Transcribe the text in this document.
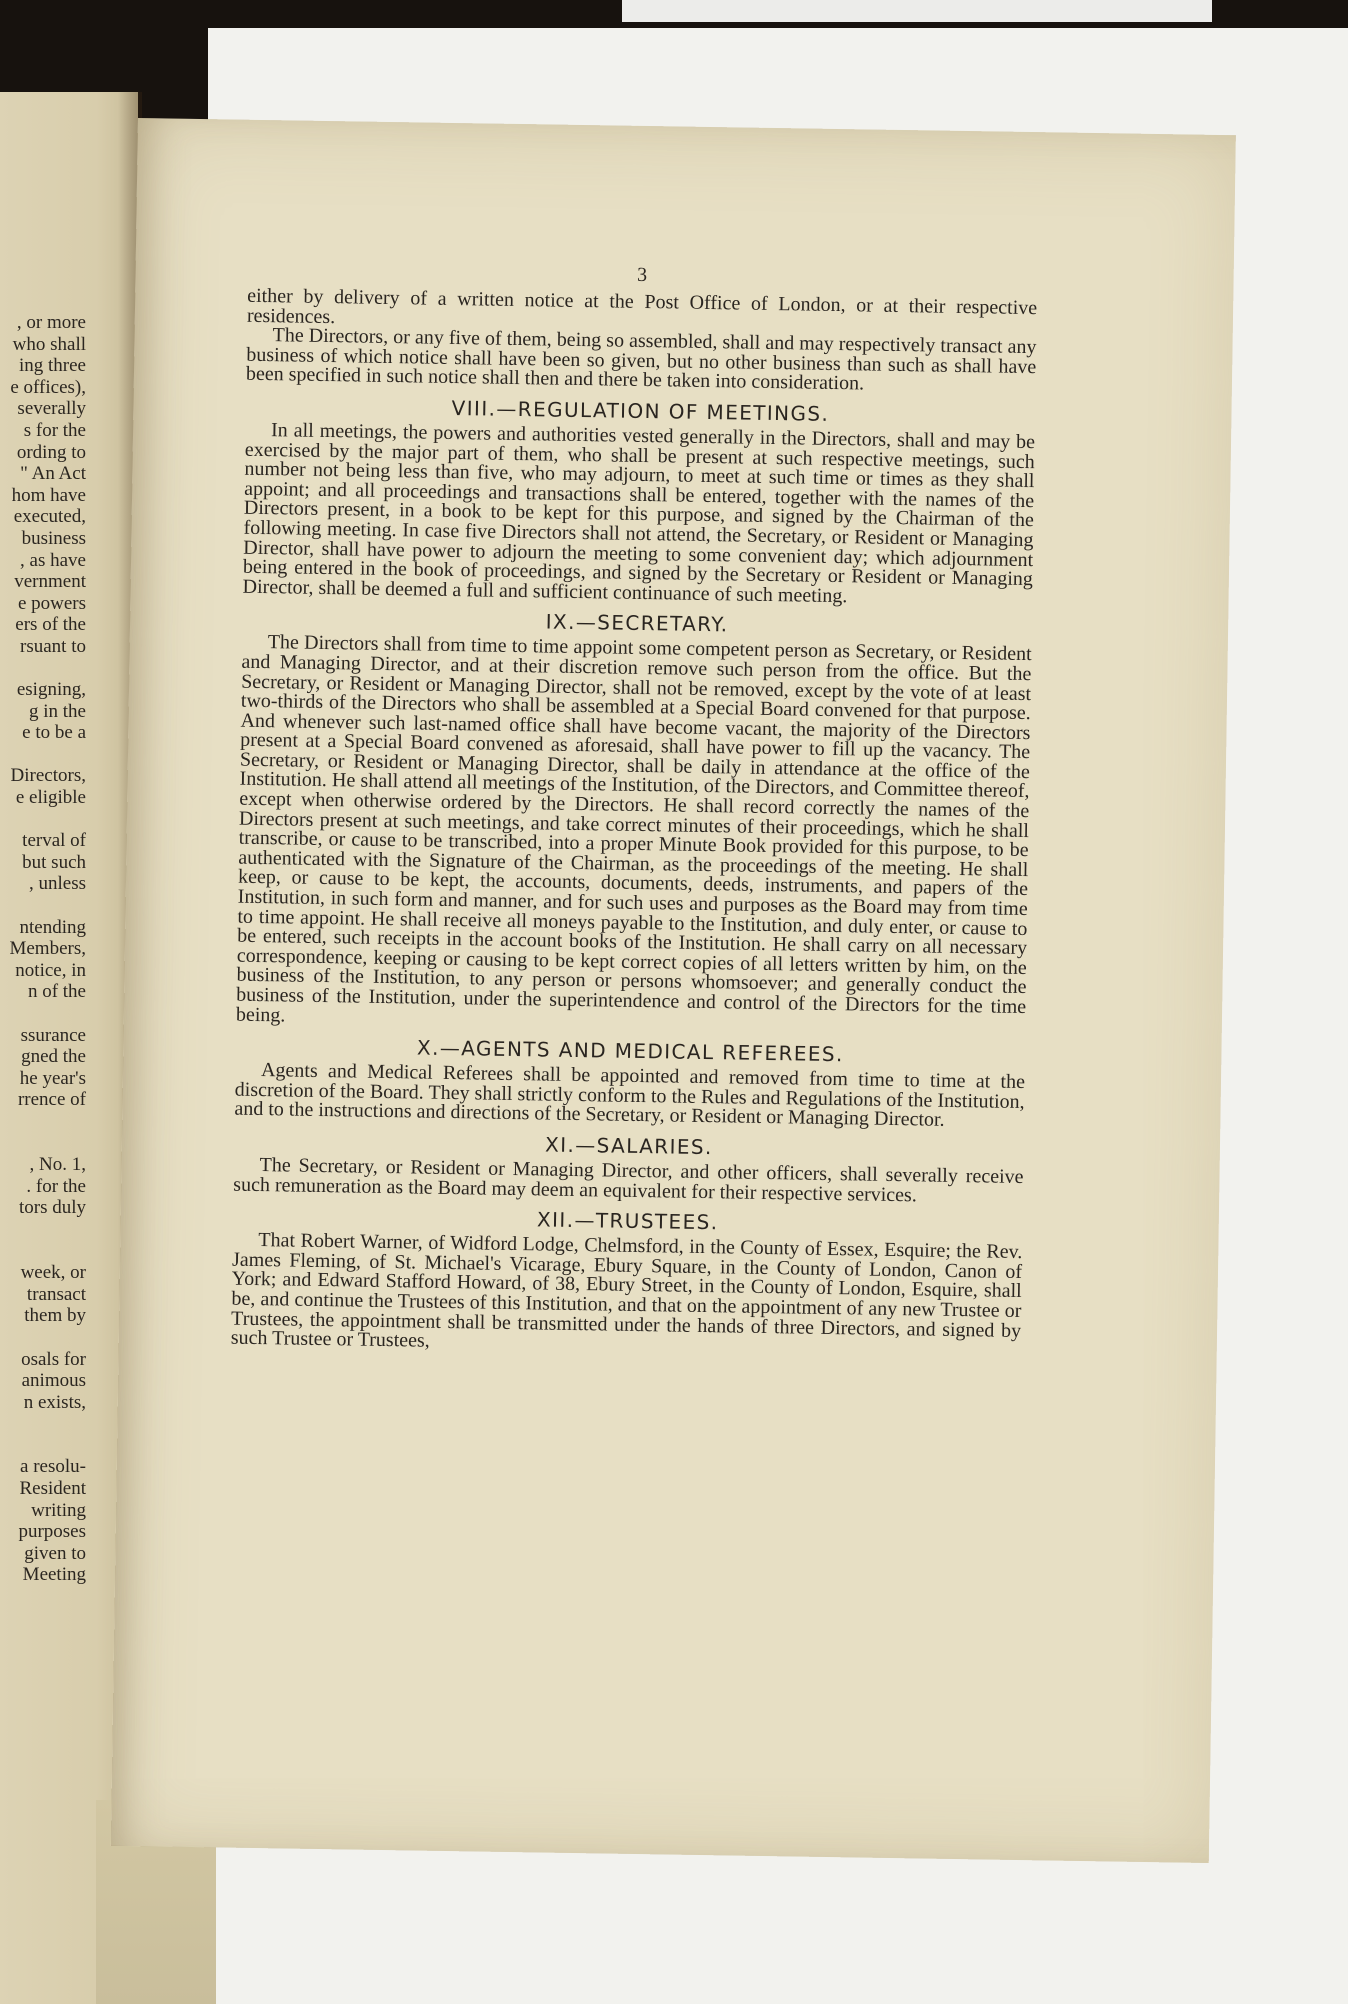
, or more
who shall
ing three
e offices),
severally
s for the
ording to
" An Act
hom have
executed,
business
, as have
vernment
e powers
ers of the
rsuant to
esigning,
g in the
e to be a
Directors,
e eligible
terval of
but such
, unless
ntending
Members,
notice, in
n of the
ssurance
gned the
he year's
rrence of
, No. 1,
. for the
tors duly
week, or
transact
them by
osals for
animous
n exists,
a resolu-
Resident
writing
purposes
given to
Meeting
3

either by delivery of a written notice at the Post Office of London, or at their respective residences.

The Directors, or any five of them, being so assembled, shall and may respectively transact any business of which notice shall have been so given, but no other business than such as shall have been specified in such notice shall then and there be taken into consideration.

VIII.—REGULATION OF MEETINGS.

In all meetings, the powers and authorities vested generally in the Directors, shall and may be exercised by the major part of them, who shall be present at such respective meetings, such number not being less than five, who may adjourn, to meet at such time or times as they shall appoint; and all proceedings and transactions shall be entered, together with the names of the Directors present, in a book to be kept for this purpose, and signed by the Chairman of the following meeting. In case five Directors shall not attend, the Secretary, or Resident or Managing Director, shall have power to adjourn the meeting to some convenient day; which adjournment being entered in the book of proceedings, and signed by the Secretary or Resident or Managing Director, shall be deemed a full and sufficient continuance of such meeting.

IX.—SECRETARY.

The Directors shall from time to time appoint some competent person as Secretary, or Resident and Managing Director, and at their discretion remove such person from the office. But the Secretary, or Resident or Managing Director, shall not be removed, except by the vote of at least two-thirds of the Directors who shall be assembled at a Special Board convened for that purpose. And whenever such last-named office shall have become vacant, the majority of the Directors present at a Special Board convened as aforesaid, shall have power to fill up the vacancy. The Secretary, or Resident or Managing Director, shall be daily in attendance at the office of the Institution. He shall attend all meetings of the Institution, of the Directors, and Committee thereof, except when otherwise ordered by the Directors. He shall record correctly the names of the Directors present at such meetings, and take correct minutes of their proceedings, which he shall transcribe, or cause to be transcribed, into a proper Minute Book provided for this purpose, to be authenticated with the Signature of the Chairman, as the proceedings of the meeting. He shall keep, or cause to be kept, the accounts, documents, deeds, instruments, and papers of the Institution, in such form and manner, and for such uses and purposes as the Board may from time to time appoint. He shall receive all moneys payable to the Institution, and duly enter, or cause to be entered, such receipts in the account books of the Institution. He shall carry on all necessary correspondence, keeping or causing to be kept correct copies of all letters written by him, on the business of the Institution, to any person or persons whomsoever; and generally conduct the business of the Institution, under the superintendence and control of the Directors for the time being.

X.—AGENTS AND MEDICAL REFEREES.

Agents and Medical Referees shall be appointed and removed from time to time at the discretion of the Board. They shall strictly conform to the Rules and Regulations of the Institution, and to the instructions and directions of the Secretary, or Resident or Managing Director.

XI.—SALARIES.

The Secretary, or Resident or Managing Director, and other officers, shall severally receive such remuneration as the Board may deem an equivalent for their respective services.

XII.—TRUSTEES.

That Robert Warner, of Widford Lodge, Chelmsford, in the County of Essex, Esquire; the Rev. James Fleming, of St. Michael's Vicarage, Ebury Square, in the County of London, Canon of York; and Edward Stafford Howard, of 38, Ebury Street, in the County of London, Esquire, shall be, and continue the Trustees of this Institution, and that on the appointment of any new Trustee or Trustees, the appointment shall be transmitted under the hands of three Directors, and signed by such Trustee or Trustees,
